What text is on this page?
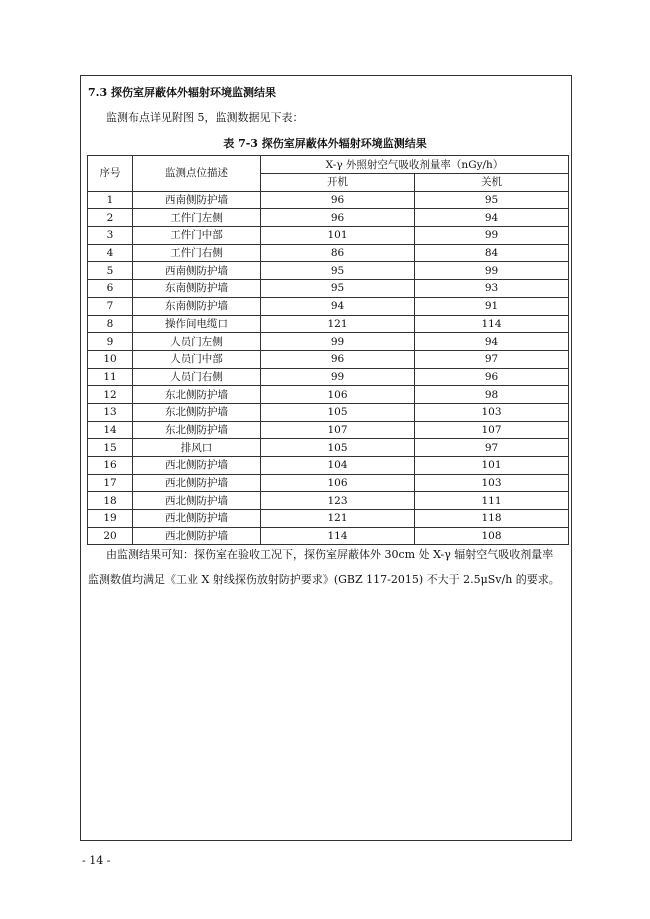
7.3 探伤室屏蔽体外辐射环境监测结果
监测布点详见附图 5，监测数据见下表：
表 7-3 探伤室屏蔽体外辐射环境监测结果
序号	监测点位描述	X-γ 外照射空气吸收剂量率（nGy/h）	
		开机	关机
1	西南侧防护墙	96	95
2	工件门左侧	96	94
3	工件门中部	101	99
4	工件门右侧	86	84
5	西南侧防护墙	95	99
6	东南侧防护墙	95	93
7	东南侧防护墙	94	91
8	操作间电缆口	121	114
9	人员门左侧	99	94
10	人员门中部	96	97
11	人员门右侧	99	96
12	东北侧防护墙	106	98
13	东北侧防护墙	105	103
14	东北侧防护墙	107	107
15	排风口	105	97
16	西北侧防护墙	104	101
17	西北侧防护墙	106	103
18	西北侧防护墙	123	111
19	西北侧防护墙	121	118
20	西北侧防护墙	114	108
由监测结果可知：探伤室在验收工况下，探伤室屏蔽体外 30cm 处 X-γ 辐射空气吸收剂量率
监测数值均满足《工业 X 射线探伤放射防护要求》(GBZ 117-2015) 不大于 2.5μSv/h 的要求。
- 14 -
